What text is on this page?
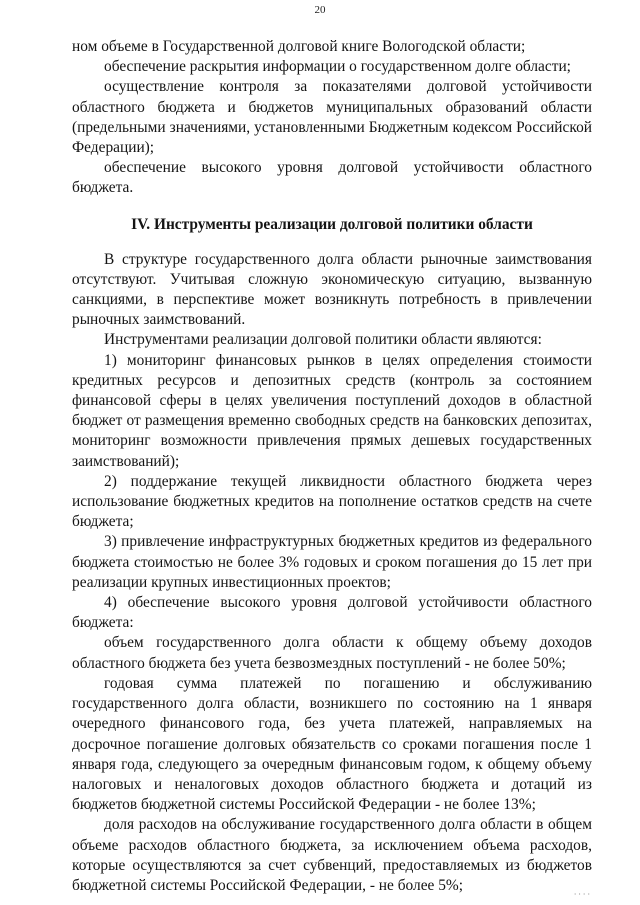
20

ном объеме в Государственной долговой книге Вологодской области;

обеспечение раскрытия информации о государственном долге области;

осуществление контроля за показателями долговой устойчивости областного бюджета и бюджетов муниципальных образований области (предельными значениями, установленными Бюджетным кодексом Российской Федерации);

обеспечение высокого уровня долговой устойчивости областного бюджета.

IV. Инструменты реализации долговой политики области

В структуре государственного долга области рыночные заимствования отсутствуют. Учитывая сложную экономическую ситуацию, вызванную санкциями, в перспективе может возникнуть потребность в привлечении рыночных заимствований.

Инструментами реализации долговой политики области являются:

1) мониторинг финансовых рынков в целях определения стоимости кредитных ресурсов и депозитных средств (контроль за состоянием финансовой сферы в целях увеличения поступлений доходов в областной бюджет от размещения временно свободных средств на банковских депозитах, мониторинг возможности привлечения прямых дешевых государственных заимствований);

2) поддержание текущей ликвидности областного бюджета через использование бюджетных кредитов на пополнение остатков средств на счете бюджета;

3) привлечение инфраструктурных бюджетных кредитов из федерального бюджета стоимостью не более 3% годовых и сроком погашения до 15 лет при реализации крупных инвестиционных проектов;

4) обеспечение высокого уровня долговой устойчивости областного бюджета:

объем государственного долга области к общему объему доходов областного бюджета без учета безвозмездных поступлений - не более 50%;

годовая сумма платежей по погашению и обслуживанию государственного долга области, возникшего по состоянию на 1 января очередного финансового года, без учета платежей, направляемых на досрочное погашение долговых обязательств со сроками погашения после 1 января года, следующего за очередным финансовым годом, к общему объему налоговых и неналоговых доходов областного бюджета и дотаций из бюджетов бюджетной системы Российской Федерации - не более 13%;

доля расходов на обслуживание государственного долга области в общем объеме расходов областного бюджета, за исключением объема расходов, которые осуществляются за счет субвенций, предоставляемых из бюджетов бюджетной системы Российской Федерации, - не более 5%;

····
